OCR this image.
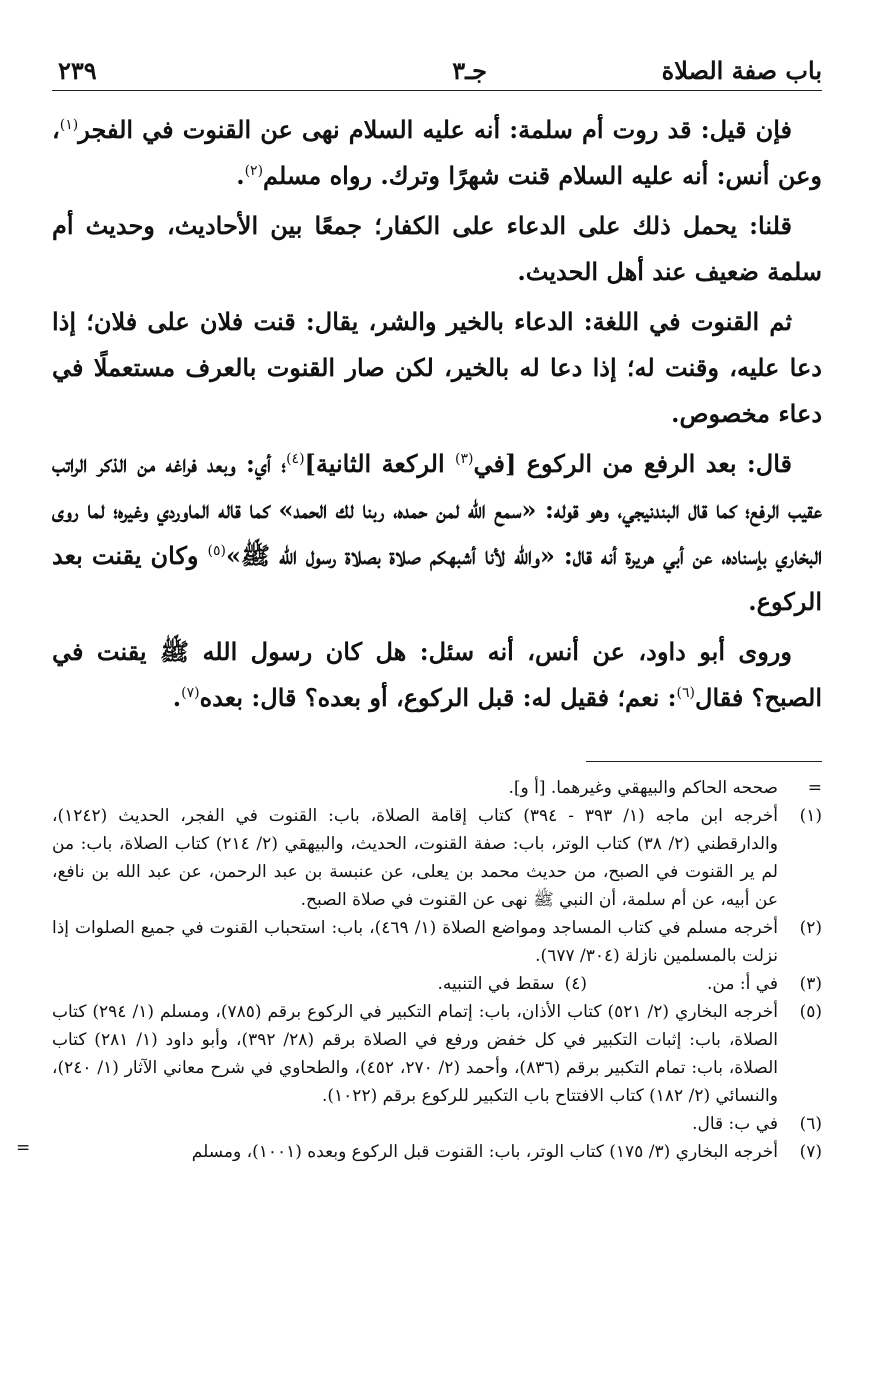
باب صفة الصلاة
جـ٣
٢٣٩

فإن قيل: قد روت أم سلمة: أنه عليه السلام نهى عن القنوت في الفجر$^{(١)}$، وعن أنس: أنه عليه السلام قنت شهرًا وترك. رواه مسلم$^{(٢)}$.

قلنا: يحمل ذلك على الدعاء على الكفار؛ جمعًا بين الأحاديث، وحديث أم سلمة ضعيف عند أهل الحديث.

ثم القنوت في اللغة: الدعاء بالخير والشر، يقال: قنت فلان على فلان؛ إذا دعا عليه، وقنت له؛ إذا دعا له بالخير، لكن صار القنوت بالعرف مستعملًا في دعاء مخصوص.

قال: بعد الرفع من الركوع [في$^{(٣)}$ الركعة الثانية]$^{(٤)}$؛ أي: وبعد فراغه من الذكر الراتب عقيب الرفع؛ كما قال البندنيجي، وهو قوله: «سمع الله لمن حمده، ربنا لك الحمد» كما قاله الماوردي وغيره؛ لما روى البخاري بإسناده، عن أبي هريرة أنه قال: «والله لأنا أشبهكم صلاة بصلاة رسول الله ﷺ»$^{(٥)}$ وكان يقنت بعد الركوع.

وروى أبو داود، عن أنس، أنه سئل: هل كان رسول الله ﷺ يقنت في الصبح؟ فقال$^{(٦)}$: نعم؛ فقيل له: قبل الركوع، أو بعده؟ قال: بعده$^{(٧)}$.

=
صححه الحاكم والبيهقي وغيرهما. [أ و].
(١)
أخرجه ابن ماجه (١/ ٣٩٣ - ٣٩٤) كتاب إقامة الصلاة، باب: القنوت في الفجر، الحديث (١٢٤٢)، والدارقطني (٢/ ٣٨) كتاب الوتر، باب: صفة القنوت، الحديث، والبيهقي (٢/ ٢١٤) كتاب الصلاة، باب: من لم ير القنوت في الصبح، من حديث محمد بن يعلى، عن عنبسة بن عبد الرحمن، عن عبد الله بن نافع، عن أبيه، عن أم سلمة، أن النبي ﷺ نهى عن القنوت في صلاة الصبح.
(٢)
أخرجه مسلم في كتاب المساجد ومواضع الصلاة (١/ ٤٦٩)، باب: استحباب القنوت في جميع الصلوات إذا نزلت بالمسلمين نازلة (٣٠٤/ ٦٧٧).
(٣)
في أ: من.
(٤)
سقط في التنبيه.
(٥)
أخرجه البخاري (٢/ ٥٢١) كتاب الأذان، باب: إتمام التكبير في الركوع برقم (٧٨٥)، ومسلم (١/ ٢٩٤) كتاب الصلاة، باب: إثبات التكبير في كل خفض ورفع في الصلاة برقم (٢٨/ ٣٩٢)، وأبو داود (١/ ٢٨١) كتاب الصلاة، باب: تمام التكبير برقم (٨٣٦)، وأحمد (٢/ ٢٧٠، ٤٥٢)، والطحاوي في شرح معاني الآثار (١/ ٢٤٠)، والنسائي (٢/ ١٨٢) كتاب الافتتاح باب التكبير للركوع برقم (١٠٢٢).
(٦)
في ب: قال.
(٧)
أخرجه البخاري (٣/ ١٧٥) كتاب الوتر، باب: القنوت قبل الركوع وبعده (١٠٠١)، ومسلم
=
